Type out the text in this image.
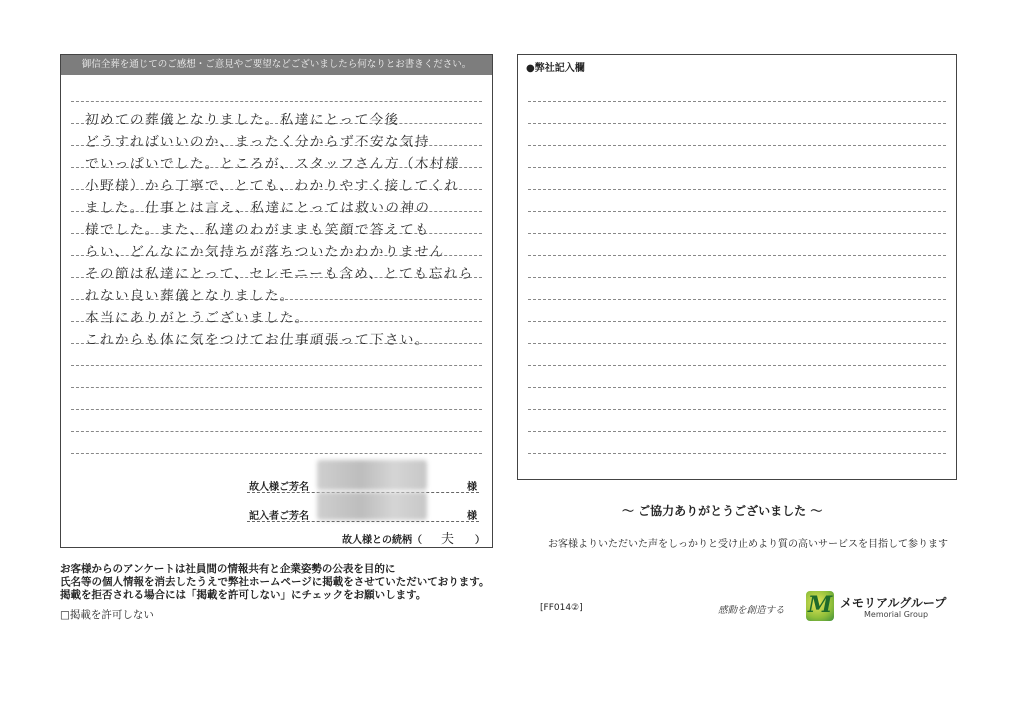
御信全葬を通じてのご感想・ご意見やご要望などございましたら何なりとお書きください。
初めての葬儀となりました。私達にとって今後
どうすればいいのか、まったく分からず不安な気持
でいっぱいでした。ところが、スタッフさん方（木村様
小野様）から丁寧で、とても、わかりやすく接してくれ
ました。仕事とは言え、私達にとっては救いの神の
様でした。また、私達のわがままも笑顔で答えても
らい、どんなにか気持ちが落ちついたかわかりません
その節は私達にとって、セレモニーも含め、とても忘れら
れない良い葬儀となりました。
本当にありがとうございました。
これからも体に気をつけてお仕事頑張って下さい。
故人様ご芳名	様
記入者ご芳名	様
故人様との続柄（ 夫 ）
●弊社記入欄
～ ご協力ありがとうございました ～
お客様よりいただいた声をしっかりと受け止めより質の高いサービスを目指して参ります
お客様からのアンケートは社員間の情報共有と企業姿勢の公表を目的に
氏名等の個人情報を消去したうえで弊社ホームページに掲載をさせていただいております。
掲載を拒否される場合には「掲載を許可しない」にチェックをお願いします。
□掲載を許可しない
[FF014②]	感動を創造する M メモリアルグループ
Memorial Group
